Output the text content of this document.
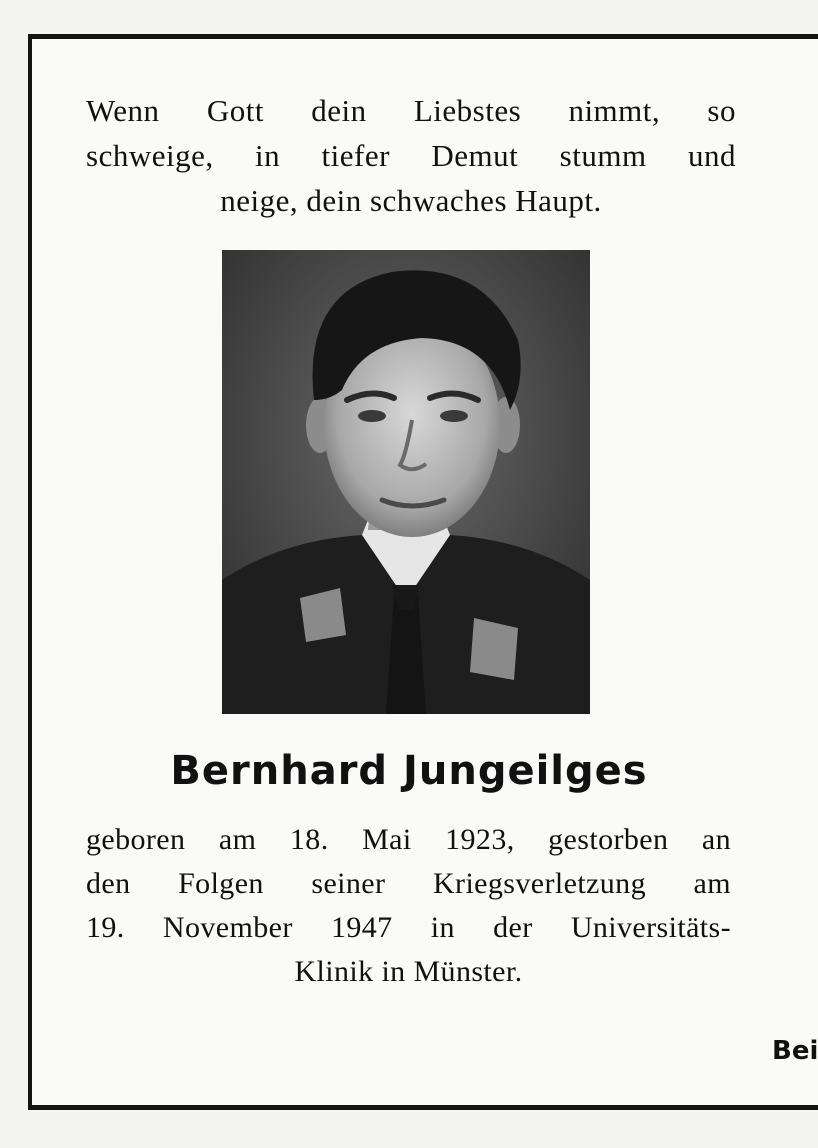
Wenn Gott dein Liebstes nimmt, so
schweige, in tiefer Demut stumm und
neige, dein schwaches Haupt.
Bernhard Jungeilges
geboren am 18. Mai 1923, gestorben an
den Folgen seiner Kriegsverletzung am
19. November 1947 in der Universitäts-
Klinik in Münster.
Bei
